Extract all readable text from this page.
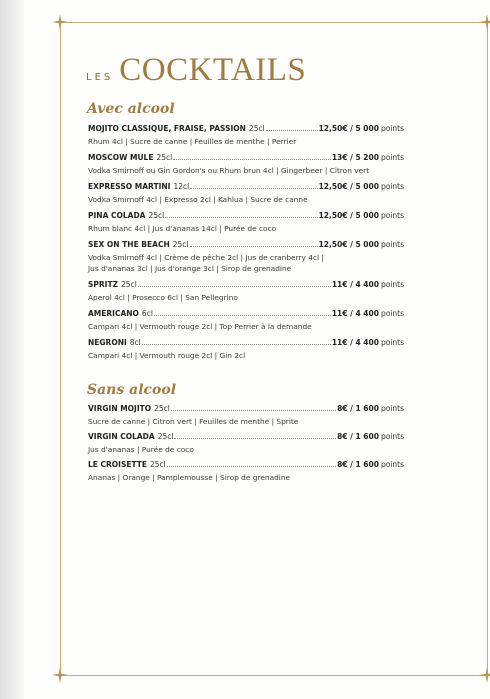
LES COCKTAILS
Avec alcool
MOJITO CLASSIQUE, FRAISE, PASSION 25cl	12,50€ / 5 000 points
Rhum 4cl | Sucre de canne | Feuilles de menthe | Perrier
MOSCOW MULE 25cl	13€ / 5 200 points
Vodka Smirnoff ou Gin Gordon's ou Rhum brun 4cl | Gingerbeer | Citron vert
EXPRESSO MARTINI 12cl	12,50€ / 5 000 points
Vodka Smirnoff 4cl | Expresso 2cl | Kahlua | Sucre de canne
PINA COLADA 25cl	12,50€ / 5 000 points
Rhum blanc 4cl | Jus d'ananas 14cl | Purée de coco
SEX ON THE BEACH 25cl	12,50€ / 5 000 points
Vodka Smirnoff 4cl | Crème de pêche 2cl | Jus de cranberry 4cl |
Jus d'ananas 3cl | Jus d'orange 3cl | Sirop de grenadine
SPRITZ 25cl	11€ / 4 400 points
Aperol 4cl | Prosecco 6cl | San Pellegrino
AMERICANO 6cl	11€ / 4 400 points
Campari 4cl | Vermouth rouge 2cl | Top Perrier à la demande
NEGRONI 8cl	11€ / 4 400 points
Campari 4cl | Vermouth rouge 2cl | Gin 2cl
Sans alcool
VIRGIN MOJITO 25cl	8€ / 1 600 points
Sucre de canne | Citron vert | Feuilles de menthe | Sprite
VIRGIN COLADA 25cl	8€ / 1 600 points
Jus d'ananas | Purée de coco
LE CROISETTE 25cl	8€ / 1 600 points
Ananas | Orange | Pamplemousse | Sirop de grenadine
